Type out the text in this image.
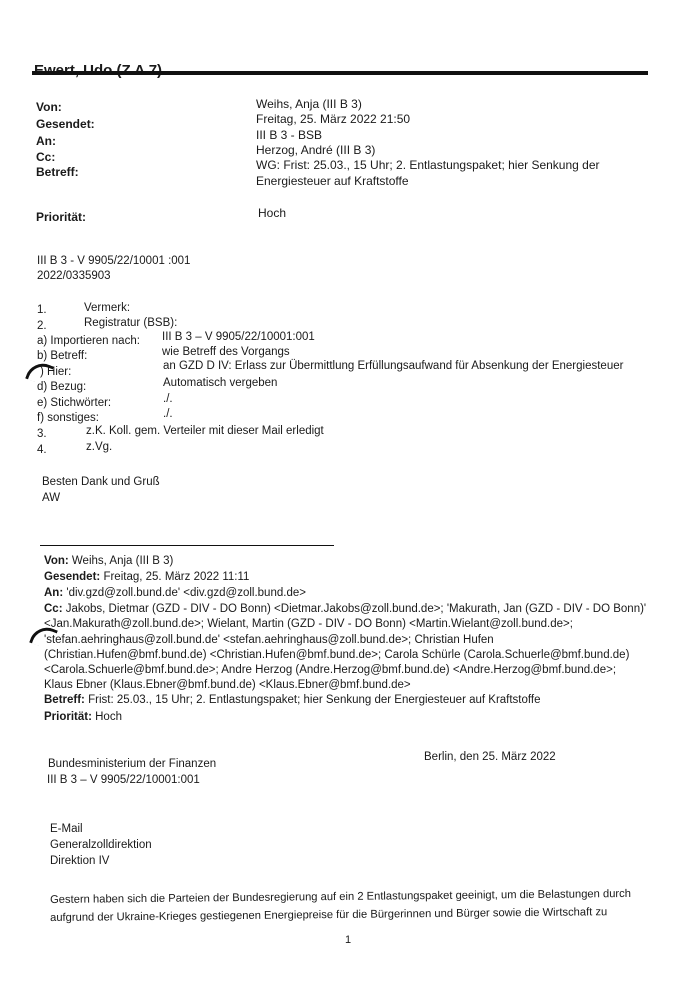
Von:	Weihs, Anja (III B 3)
Gesendet:	Freitag, 25. März 2022 21:50
An:	III B 3 - BSB
Cc:	Herzog, André (III B 3)
Betreff:	WG: Frist: 25.03., 15 Uhr; 2. Entlastungspaket; hier Senkung der
Energiesteuer auf Kraftstoffe
Priorität:	Hoch
III B 3 - V 9905/22/10001 :001
2022/0335903
1.	Vermerk:
2.	Registratur (BSB):
a) Importieren nach: III B 3 – V 9905/22/10001:001
b) Betreff:	wie Betreff des Vorgangs
) Hier:	an GZD D IV: Erlass zur Übermittlung Erfüllungsaufwand für Absenkung der Energiesteuer
d) Bezug:	Automatisch vergeben
e) Stichwörter:	./.
f) sonstiges:	./.
3.	z.K. Koll. gem. Verteiler mit dieser Mail erledigt
4.	z.Vg.
Besten Dank und Gruß
AW
Von: Weihs, Anja (III B 3)
Gesendet: Freitag, 25. März 2022 11:11
An: 'div.gzd@zoll.bund.de' <div.gzd@zoll.bund.de>
Cc: Jakobs, Dietmar (GZD - DIV - DO Bonn) <Dietmar.Jakobs@zoll.bund.de>; 'Makurath, Jan (GZD - DIV - DO Bonn)'
<Jan.Makurath@zoll.bund.de>; Wielant, Martin (GZD - DIV - DO Bonn) <Martin.Wielant@zoll.bund.de>;
'stefan.aehringhaus@zoll.bund.de' <stefan.aehringhaus@zoll.bund.de>; Christian Hufen
(Christian.Hufen@bmf.bund.de) <Christian.Hufen@bmf.bund.de>; Carola Schürle (Carola.Schuerle@bmf.bund.de)
<Carola.Schuerle@bmf.bund.de>; Andre Herzog (Andre.Herzog@bmf.bund.de) <Andre.Herzog@bmf.bund.de>;
Klaus Ebner (Klaus.Ebner@bmf.bund.de) <Klaus.Ebner@bmf.bund.de>
Betreff: Frist: 25.03., 15 Uhr; 2. Entlastungspaket; hier Senkung der Energiesteuer auf Kraftstoffe
Priorität: Hoch
Bundesministerium der Finanzen
III B 3 – V 9905/22/10001:001
Berlin, den 25. März 2022
E-Mail
Generalzolldirektion
Direktion IV
Gestern haben sich die Parteien der Bundesregierung auf ein 2 Entlastungspaket geeinigt, um die Belastungen durch
aufgrund der Ukraine-Krieges gestiegenen Energiepreise für die Bürgerinnen und Bürger sowie die Wirtschaft zu
1
